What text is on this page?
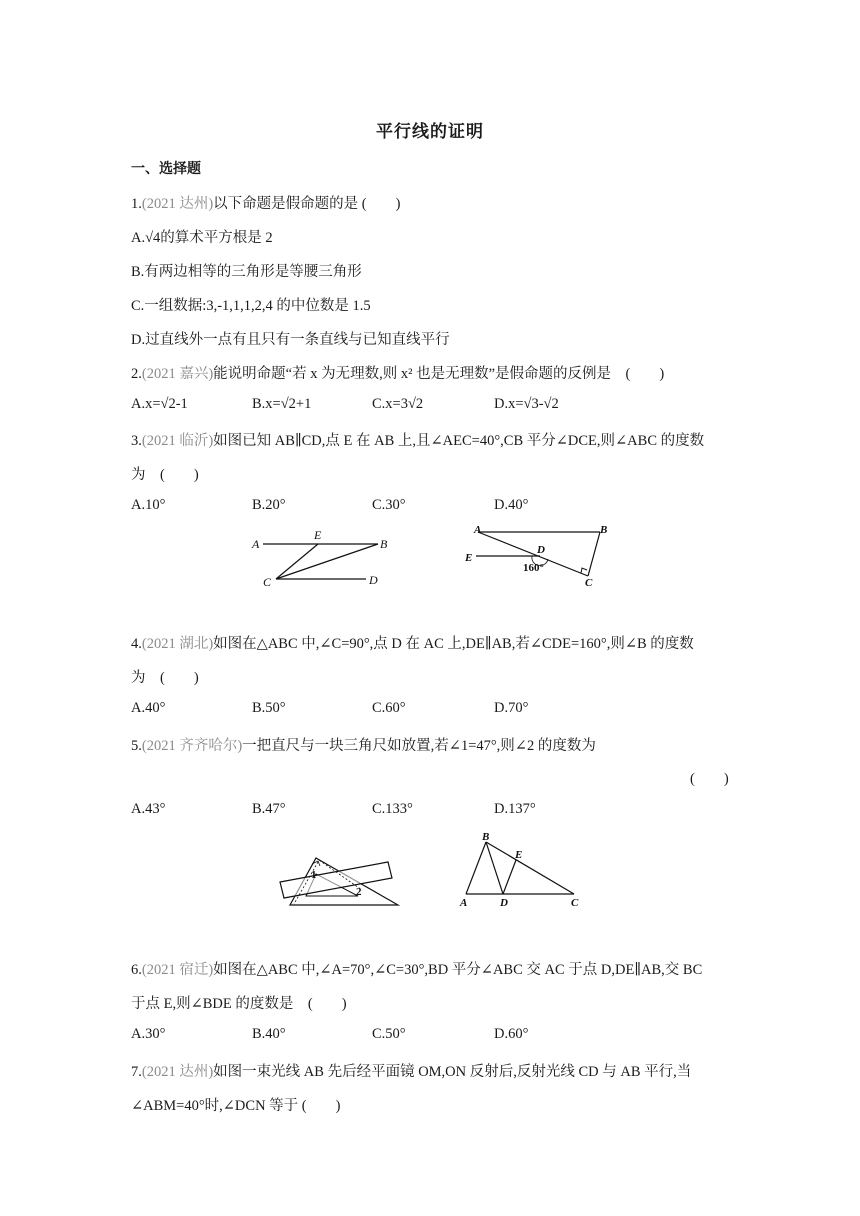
平行线的证明
一、选择题
1.(2021 达州)以下命题是假命题的是 (　　)
A.√4的算术平方根是 2
B.有两边相等的三角形是等腰三角形
C.一组数据:3,-1,1,1,2,4 的中位数是 1.5
D.过直线外一点有且只有一条直线与已知直线平行
2.(2021 嘉兴)能说明命题“若 x 为无理数,则 x² 也是无理数”是假命题的反例是　(　　)
A.x=√2-1	B.x=√2+1	C.x=3√2	D.x=√3-√2
3.(2021 临沂)如图已知 AB∥CD,点 E 在 AB 上,且∠AEC=40°,CB 平分∠DCE,则∠ABC 的度数
为　(　　)
A.10°	B.20°	C.30°	D.40°
A
E
B
C	D
A	B
E
D
C
160°
4.(2021 湖北)如图在△ABC 中,∠C=90°,点 D 在 AC 上,DE∥AB,若∠CDE=160°,则∠B 的度数
为　(　　)
A.40°	B.50°	C.60°	D.70°
5.(2021 齐齐哈尔)一把直尺与一块三角尺如放置,若∠1=47°,则∠2 的度数为
(　　)
A.43°	B.47°	C.133°	D.137°
1
2
B
E
A	D	C
6.(2021 宿迁)如图在△ABC 中,∠A=70°,∠C=30°,BD 平分∠ABC 交 AC 于点 D,DE∥AB,交 BC
于点 E,则∠BDE 的度数是　(　　)
A.30°	B.40°	C.50°	D.60°
7.(2021 达州)如图一束光线 AB 先后经平面镜 OM,ON 反射后,反射光线 CD 与 AB 平行,当
∠ABM=40°时,∠DCN 等于 (　　)
